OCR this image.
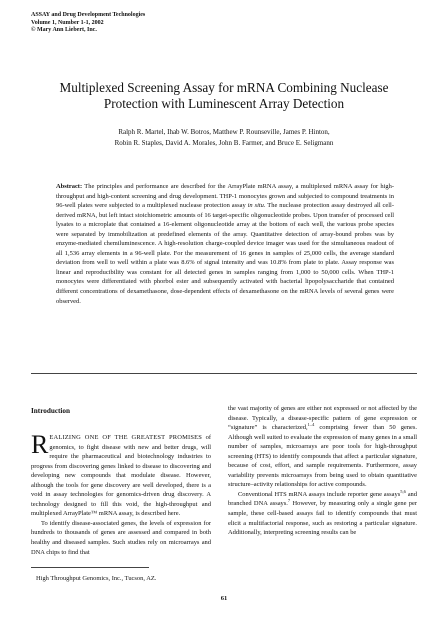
ASSAY and Drug Development Technologies
Volume 1, Number 1-1, 2002
© Mary Ann Liebert, Inc.
Multiplexed Screening Assay for mRNA Combining Nuclease
Protection with Luminescent Array Detection
Ralph R. Martel, Ihab W. Botros, Matthew P. Rounseville, James P. Hinton,
Robin R. Staples, David A. Morales, John B. Farmer, and Bruce E. Seligmann
Abstract: The principles and performance are described for the ArrayPlate mRNA assay, a multiplexed mRNA assay for high-throughput and high-content screening and drug development. THP-1 monocytes grown and subjected to compound treatments in 96-well plates were subjected to a multiplexed nuclease protection assay in situ. The nuclease protection assay destroyed all cell-derived mRNA, but left intact stoichiometric amounts of 16 target-specific oligonucleotide probes. Upon transfer of processed cell lysates to a microplate that contained a 16-element oligonucleotide array at the bottom of each well, the various probe species were separated by immobilization at predefined elements of the array. Quantitative detection of array-bound probes was by enzyme-mediated chemiluminescence. A high-resolution charge-coupled device imager was used for the simultaneous readout of all 1,536 array elements in a 96-well plate. For the measurement of 16 genes in samples of 25,000 cells, the average standard deviation from well to well within a plate was 8.6% of signal intensity and was 10.8% from plate to plate. Assay response was linear and reproducibility was constant for all detected genes in samples ranging from 1,000 to 50,000 cells. When THP-1 monocytes were differentiated with phorbol ester and subsequently activated with bacterial lipopolysaccharide that contained different concentrations of dexamethasone, dose-dependent effects of dexamethasone on the mRNA levels of several genes were observed.
Introduction
REALIZING ONE OF THE GREATEST PROMISES of genomics, to fight disease with new and better drugs, will require the pharmaceutical and biotechnology industries to progress from discovering genes linked to disease to discovering and developing new compounds that modulate disease. However, although the tools for gene discovery are well developed, there is a void in assay technologies for genomics-driven drug discovery. A technology designed to fill this void, the high-throughput and multiplexed ArrayPlate™ mRNA assay, is described here.
To identify disease-associated genes, the levels of expression for hundreds to thousands of genes are assessed and compared in both healthy and diseased samples. Such studies rely on microarrays and DNA chips to find that
the vast majority of genes are either not expressed or not affected by the disease. Typically, a disease-specific pattern of gene expression or “signature” is characterized,$^{1-4}$ comprising fewer than 50 genes. Although well suited to evaluate the expression of many genes in a small number of samples, microarrays are poor tools for high-throughput screening (HTS) to identify compounds that affect a particular signature, because of cost, effort, and sample requirements. Furthermore, assay variability prevents microarrays from being used to obtain quantitative structure–activity relationships for active compounds.
Conventional HTS mRNA assays include reporter gene assays$^{5,6}$ and branched DNA assays.$^7$ However, by measuring only a single gene per sample, these cell-based assays fail to identify compounds that must elicit a multifactorial response, such as restoring a particular signature. Additionally, interpreting screening results can be
High Throughput Genomics, Inc., Tucson, AZ.
61
